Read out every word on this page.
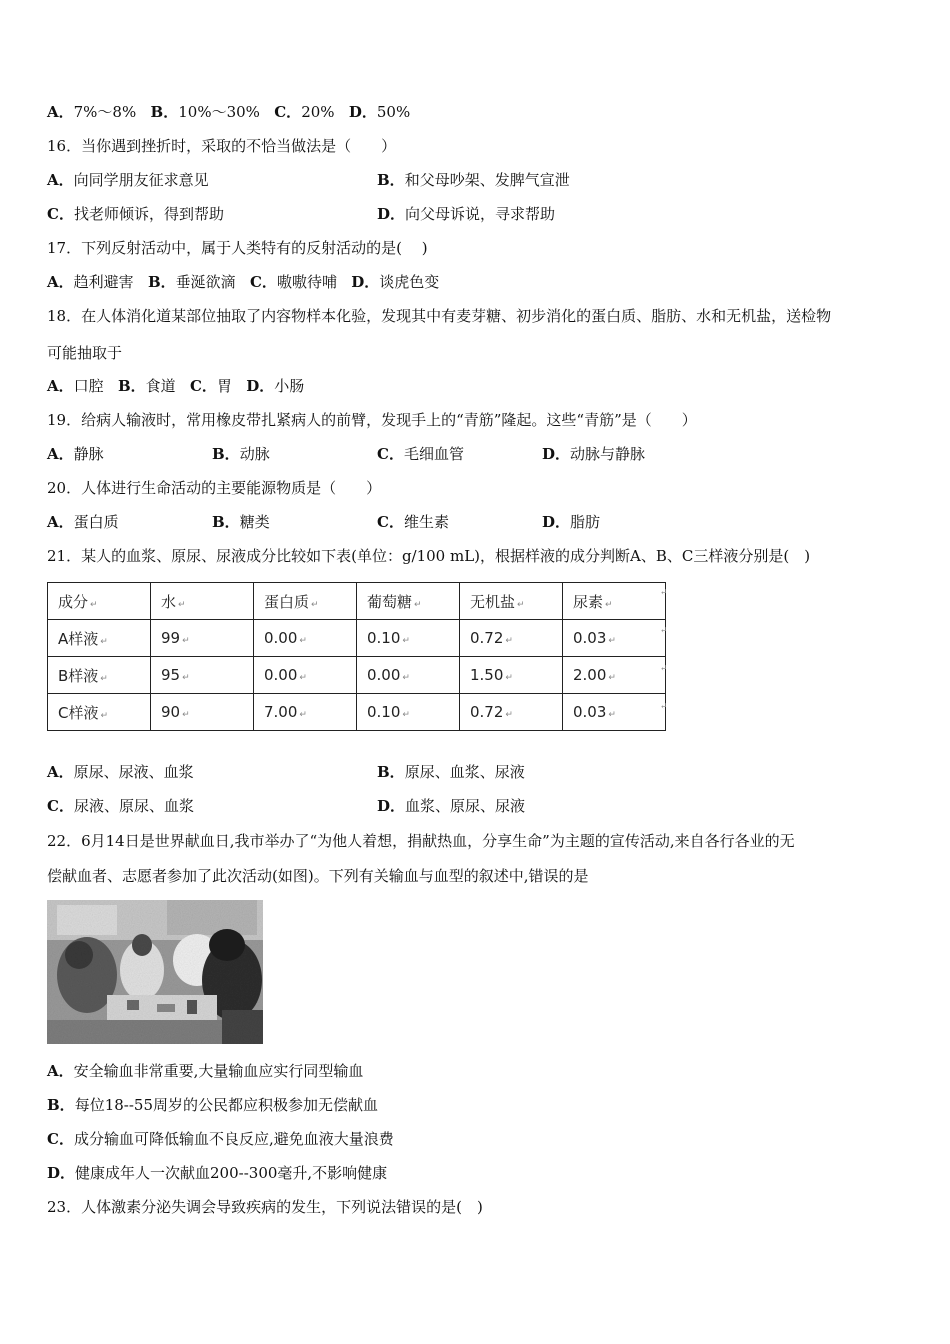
A．7%～8% B．10%～30% C．20% D．50%
16．当你遇到挫折时，采取的不恰当做法是（　　）
A．向同学朋友征求意见	B．和父母吵架、发脾气宣泄
C．找老师倾诉，得到帮助	D．向父母诉说，寻求帮助
17．下列反射活动中，属于人类特有的反射活动的是(　 )
A．趋利避害 B．垂涎欲滴 C．嗷嗷待哺 D．谈虎色变
18．在人体消化道某部位抽取了内容物样本化验，发现其中有麦芽糖、初步消化的蛋白质、脂肪、水和无机盐，送检物
可能抽取于
A．口腔 B．食道 C．胃 D．小肠
19．给病人输液时，常用橡皮带扎紧病人的前臂，发现手上的“青筋”隆起。这些“青筋”是（　　）
A．静脉	B．动脉	C．毛细血管	D．动脉与静脉
20．人体进行生命活动的主要能源物质是（　　）
A．蛋白质	B．糖类	C．维生素	D．脂肪
21．某人的血浆、原尿、尿液成分比较如下表(单位：g/100 mL)，根据样液的成分判断A、B、C三样液分别是(　)
成分 ↵	水 ↵	蛋白质 ↵	葡萄糖 ↵	无机盐 ↵	尿素 ↵
A样液 ↵	99 ↵	0.00 ↵	0.10 ↵	0.72 ↵	0.03 ↵
B样液 ↵	95 ↵	0.00 ↵	0.00 ↵	1.50 ↵	2.00 ↵
C样液 ↵	90 ↵	7.00 ↵	0.10 ↵	0.72 ↵	0.03 ↵
↵
↵
↵
↵
A．原尿、尿液、血浆	B．原尿、血浆、尿液
C．尿液、原尿、血浆	D．血浆、原尿、尿液
22．6月14日是世界献血日,我市举办了“为他人着想，捐献热血，分享生命”为主题的宣传活动,来自各行各业的无
偿献血者、志愿者参加了此次活动(如图)。下列有关输血与血型的叙述中,错误的是
A．安全输血非常重要,大量输血应实行同型输血
B．每位18--55周岁的公民都应积极参加无偿献血
C．成分输血可降低输血不良反应,避免血液大量浪费
D．健康成年人一次献血200--300毫升,不影响健康
23．人体激素分泌失调会导致疾病的发生，下列说法错误的是(　)
